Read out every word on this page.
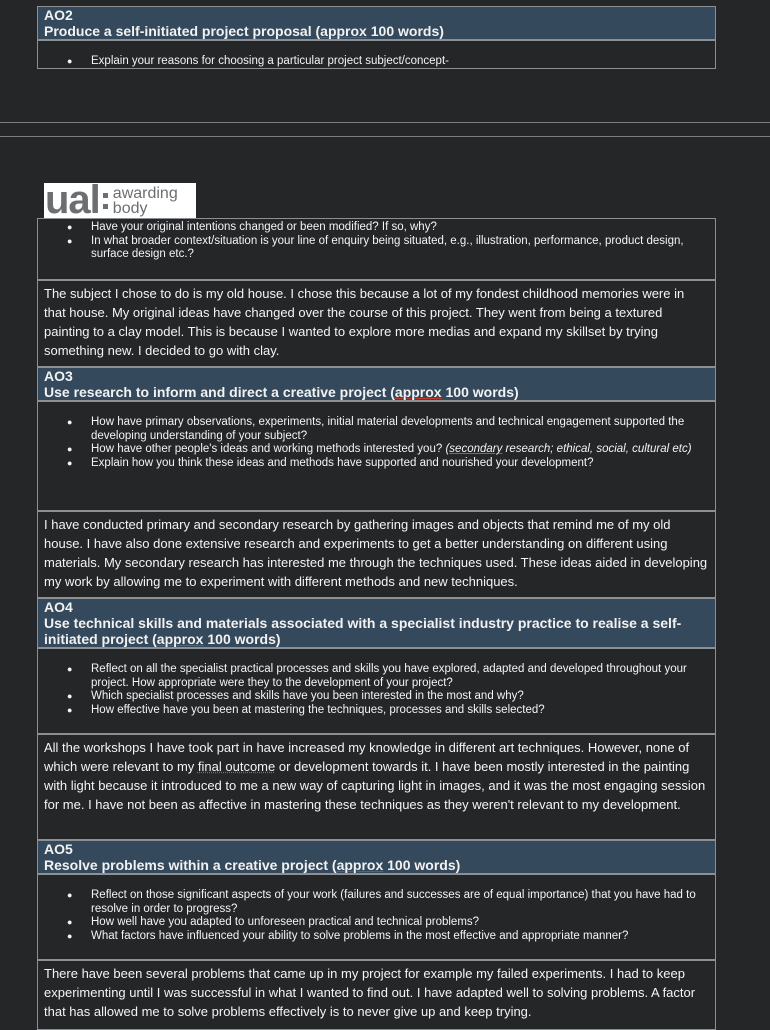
AO2
Produce a self-initiated project proposal (approx 100 words)
● Explain your reasons for choosing a particular project subject/concept-
ual awarding
body
● Have your original intentions changed or been modified? If so, why?
● In what broader context/situation is your line of enquiry being situated, e.g., illustration, performance, product design, surface design etc.?
The subject I chose to do is my old house. I chose this because a lot of my fondest childhood memories were in that house. My original ideas have changed over the course of this project. They went from being a textured painting to a clay model. This is because I wanted to explore more medias and expand my skillset by trying something new. I decided to go with clay.
AO3
Use research to inform and direct a creative project (approx 100 words)
● How have primary observations, experiments, initial material developments and technical engagement supported the developing understanding of your subject?
● How have other people's ideas and working methods interested you? (secondary research; ethical, social, cultural etc)
● Explain how you think these ideas and methods have supported and nourished your development?
I have conducted primary and secondary research by gathering images and objects that remind me of my old house. I have also done extensive research and experiments to get a better understanding on different using materials. My secondary research has interested me through the techniques used. These ideas aided in developing my work by allowing me to experiment with different methods and new techniques.
AO4
Use technical skills and materials associated with a specialist industry practice to realise a self-initiated project (approx 100 words)
● Reflect on all the specialist practical processes and skills you have explored, adapted and developed throughout your project. How appropriate were they to the development of your project?
● Which specialist processes and skills have you been interested in the most and why?
● How effective have you been at mastering the techniques, processes and skills selected?
All the workshops I have took part in have increased my knowledge in different art techniques. However, none of which were relevant to my final outcome or development towards it. I have been mostly interested in the painting with light because it introduced to me a new way of capturing light in images, and it was the most engaging session for me. I have not been as affective in mastering these techniques as they weren't relevant to my development.
AO5
Resolve problems within a creative project (approx 100 words)
● Reflect on those significant aspects of your work (failures and successes are of equal importance) that you have had to resolve in order to progress?
● How well have you adapted to unforeseen practical and technical problems?
● What factors have influenced your ability to solve problems in the most effective and appropriate manner?
There have been several problems that came up in my project for example my failed experiments. I had to keep experimenting until I was successful in what I wanted to find out. I have adapted well to solving problems. A factor that has allowed me to solve problems effectively is to never give up and keep trying.
